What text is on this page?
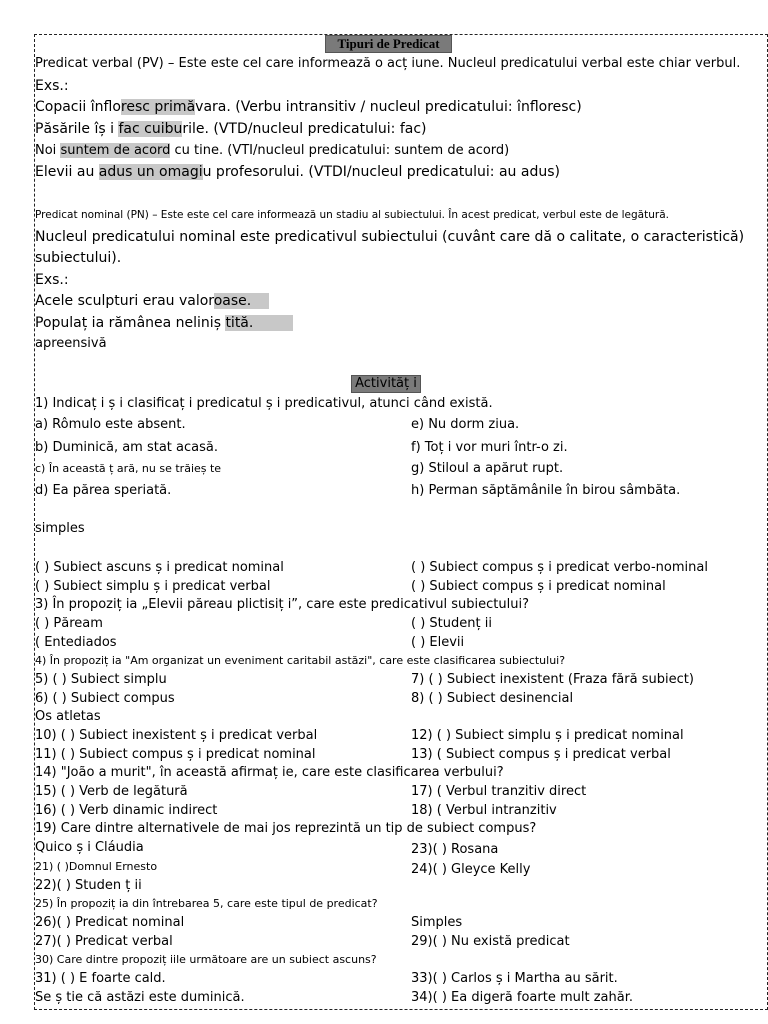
Tipuri de Predicat
Predicat verbal (PV) – Este este cel care informează o acț iune. Nucleul predicatului verbal este chiar verbul.
Exs.:
Copacii înfloresc primăvara. (Verbu intransitiv / nucleul predicatului: înfloresc)
Păsările îș i fac cuiburile. (VTD/nucleul predicatului: fac)
Noi suntem de acord cu tine. (VTI/nucleul predicatului: suntem de acord)
Elevii au adus un omagiu profesorului. (VTDI/nucleul predicatului: au adus)
Predicat nominal (PN) – Este este cel care informează un stadiu al subiectului. În acest predicat, verbul este de legătură.
Nucleul predicatului nominal este predicativul subiectului (cuvânt care dă o calitate, o caracteristică)
subiectului).
Exs.:
Acele sculpturi erau valoroase.
Populaț ia rămânea neliniș tită.
apreensivă
Activităț i
1) Indicaț i ș i clasificaț i predicatul ș i predicativul, atunci când există.
a) Rômulo este absent.	e) Nu dorm ziua.
b) Duminică, am stat acasă.	f) Toț i vor muri într-o zi.
c) În această ț ară, nu se trăieș te	g) Stiloul a apărut rupt.
d) Ea părea speriată.	h) Perman săptămânile în birou sâmbăta.
simples
( ) Subiect ascuns ș i predicat nominal	( ) Subiect compus ș i predicat verbo-nominal
( ) Subiect simplu ș i predicat verbal	( ) Subiect compus ș i predicat nominal
3) În propoziț ia „Elevii păreau plictisiț i”, care este predicativul subiectului?
( ) Păream	( ) Studenț ii
( Entediados	( ) Elevii
4) În propoziț ia "Am organizat un eveniment caritabil astăzi", care este clasificarea subiectului?
5) ( ) Subiect simplu	7) ( ) Subiect inexistent (Fraza fără subiect)
6) ( ) Subiect compus	8) ( ) Subiect desinencial
Os atletas
10) ( ) Subiect inexistent ș i predicat verbal	12) ( ) Subiect simplu ș i predicat nominal
11) ( ) Subiect compus ș i predicat nominal	13) ( Subiect compus ș i predicat verbal
14) "João a murit", în această afirmaț ie, care este clasificarea verbului?
15) ( ) Verb de legătură	17) ( Verbul tranzitiv direct
16) ( ) Verb dinamic indirect	18) ( Verbul intranzitiv
19) Care dintre alternativele de mai jos reprezintă un tip de subiect compus?
Quico ș i Cláudia	23)( ) Rosana
21) ( )Domnul Ernesto	24)( ) Gleyce Kelly
22)( ) Studen ț ii
25) În propoziț ia din întrebarea 5, care este tipul de predicat?
26)( ) Predicat nominal	Simples
27)( ) Predicat verbal	29)( ) Nu există predicat
30) Care dintre propoziț iile următoare are un subiect ascuns?
31) ( ) E foarte cald.	33)( ) Carlos ș i Martha au sărit.
Se ș tie că astăzi este duminică.	34)( ) Ea digeră foarte mult zahăr.
